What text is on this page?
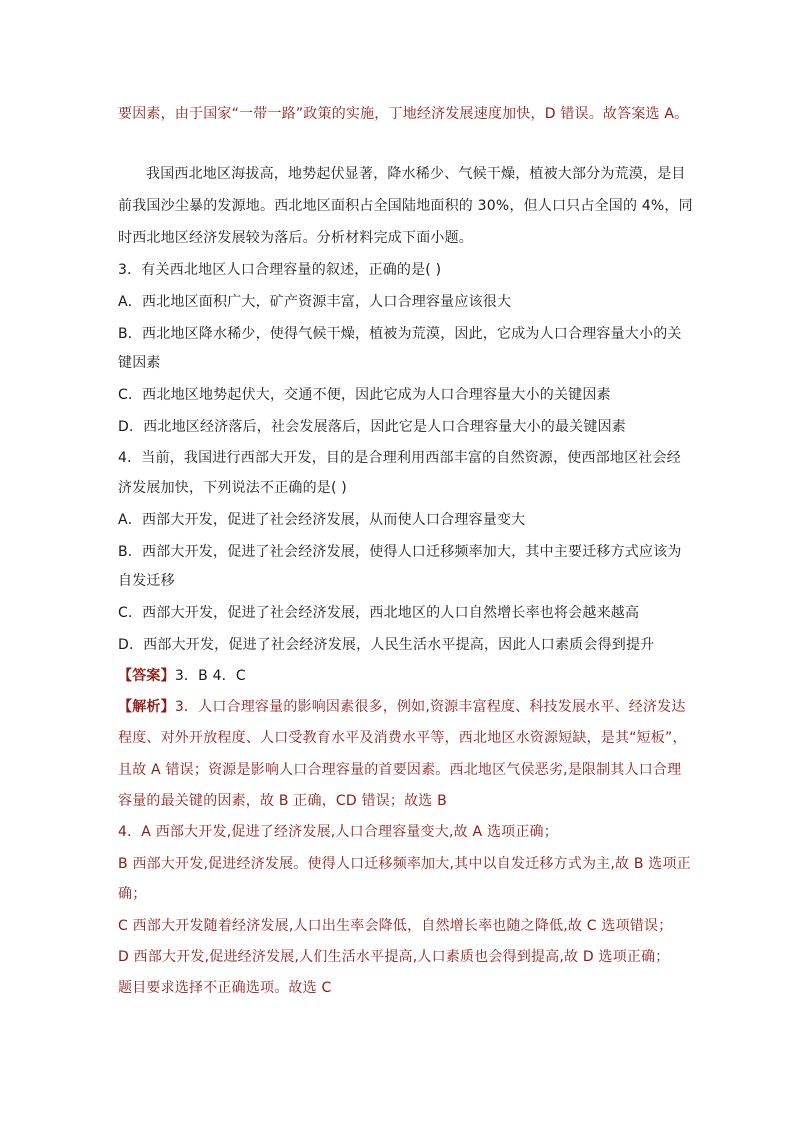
要因素，由于国家“一带一路”政策的实施，丁地经济发展速度加快，D 错误。故答案选 A。
我国西北地区海拔高，地势起伏显著，降水稀少、气候干燥，植被大部分为荒漠，是目
前我国沙尘暴的发源地。西北地区面积占全国陆地面积的 30%，但人口只占全国的 4%，同
时西北地区经济发展较为落后。分析材料完成下面小题。
3．有关西北地区人口合理容量的叙述，正确的是( )
A．西北地区面积广大，矿产资源丰富，人口合理容量应该很大
B．西北地区降水稀少，使得气候干燥，植被为荒漠，因此，它成为人口合理容量大小的关
键因素
C．西北地区地势起伏大，交通不便，因此它成为人口合理容量大小的关键因素
D．西北地区经济落后，社会发展落后，因此它是人口合理容量大小的最关键因素
4．当前，我国进行西部大开发，目的是合理利用西部丰富的自然资源，使西部地区社会经
济发展加快，下列说法不正确的是( )
A．西部大开发，促进了社会经济发展，从而使人口合理容量变大
B．西部大开发，促进了社会经济发展，使得人口迁移频率加大，其中主要迁移方式应该为
自发迁移
C．西部大开发，促进了社会经济发展，西北地区的人口自然增长率也将会越来越高
D．西部大开发，促进了社会经济发展，人民生活水平提高，因此人口素质会得到提升
【答案】3．B 4．C
【解析】3．人口合理容量的影响因素很多，例如,资源丰富程度、科技发展水平、经济发达
程度、对外开放程度、人口受教育水平及消费水平等，西北地区水资源短缺，是其“短板”，
且故 A 错误；资源是影响人口合理容量的首要因素。西北地区气侯恶劣,是限制其人口合理
容量的最关键的因素，故 B 正确，CD 错误；故选 B
4．A 西部大开发,促进了经济发展,人口合理容量变大,故 A 选项正确；
B 西部大开发,促进经济发展。使得人口迁移频率加大,其中以自发迁移方式为主,故 B 选项正
确；
C 西部大开发随着经济发展,人口出生率会降低，自然增长率也随之降低,故 C 选项错误；
D 西部大开发,促进经济发展,人们生活水平提高,人口素质也会得到提高,故 D 选项正确；
题目要求选择不正确选项。故选 C
